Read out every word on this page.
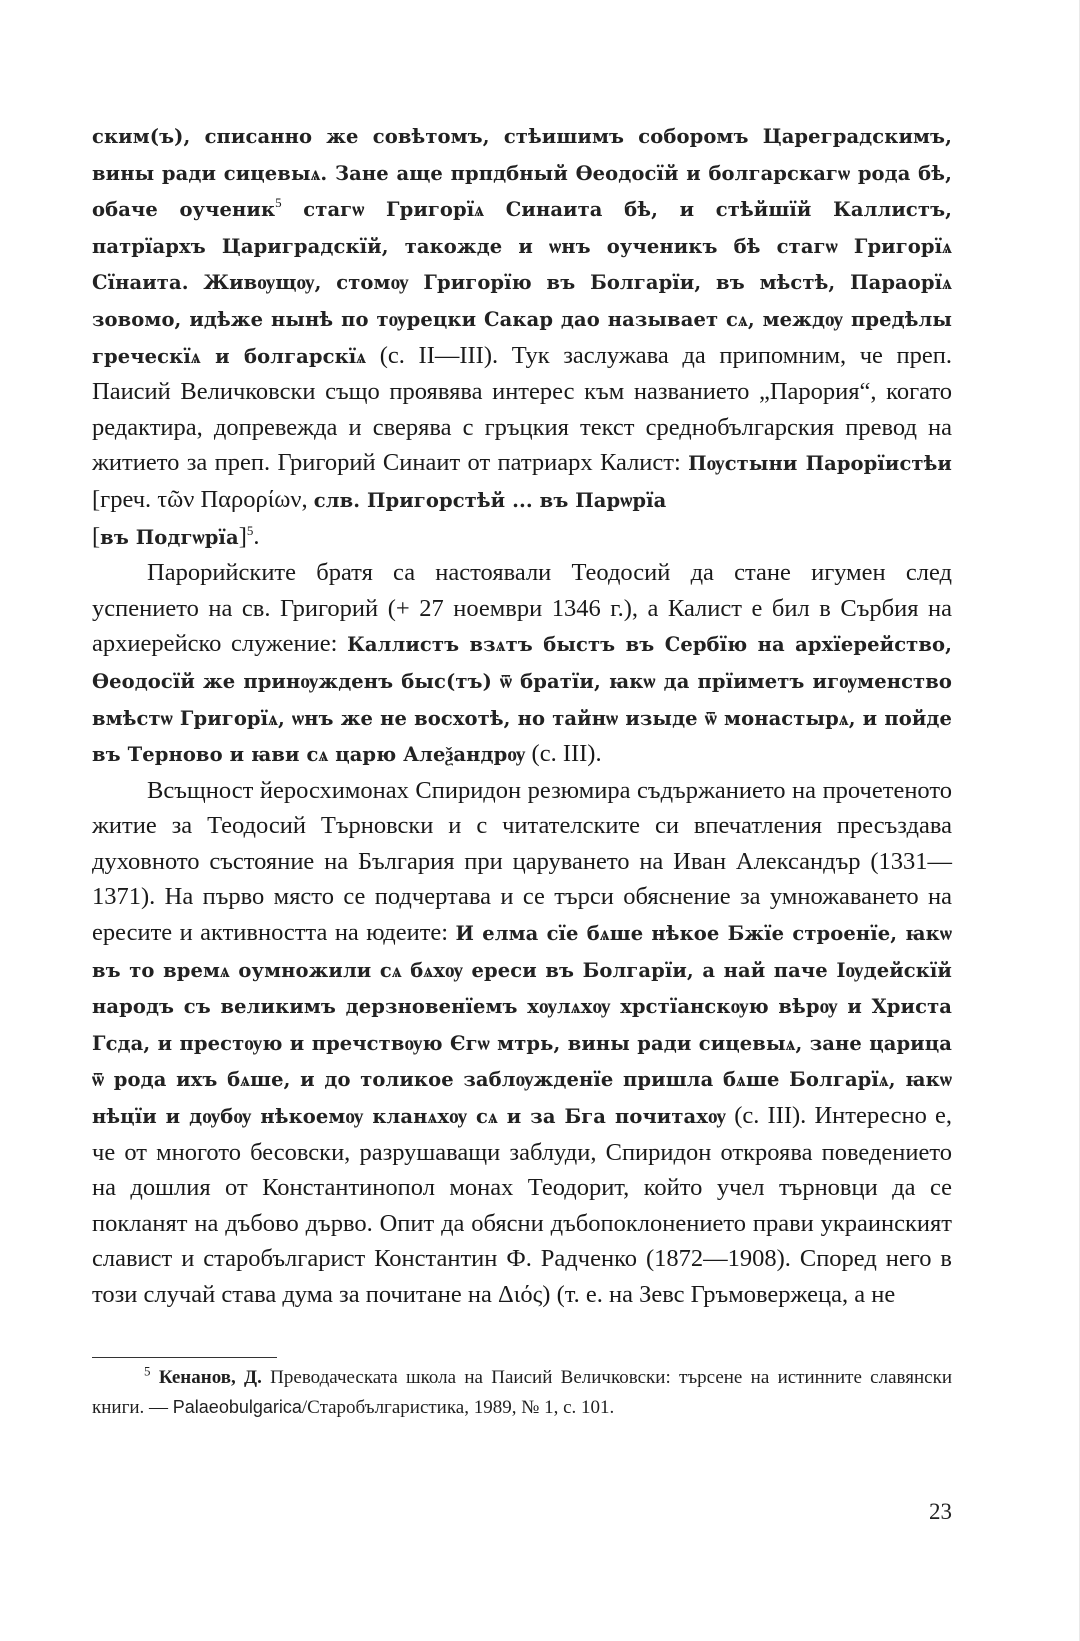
ским(ъ), списанно же совѣтомъ, стѣишимъ соборомъ Цареградскимъ, вины ради сицевыѧ. Зане аще прпдбный Ѳеодосїй и болгарскагѡ рода бѣ, обаче оученик$^5$ стагѡ Григорїѧ Синаита бѣ, и стѣйшїй Каллистъ, патрїархъ Цариградскїй, такожде и ѡнъ оученикъ бѣ стагѡ Григорїѧ Сїнаита. Живѹщѹ, стомѹ Григорїю въ Болгарїи, въ мѣстѣ, Параорїѧ зовомо, идѣже нынѣ по тѹрецки Сакар дао называет сѧ, междѹ предѣлы греческїѧ и болгарскїѧ (с. II—III). Тук заслужава да припомним, че преп. Паисий Величковски също проявява интерес към названието „Парория“, когато редактира, допревежда и сверява с гръцкия текст среднобългарския превод на житието за преп. Григорий Синаит от патриарх Калист: Пѹстыни Парорїистѣи [греч. τῶν Παρορίων, слв. Пригорстѣй ... въ Парѡрїа
[въ Подгѡрїа]$^5$.

Парорийските братя са настоявали Теодосий да стане игумен след успението на св. Григорий (+ 27 ноември 1346 г.), а Калист е бил в Сърбия на архиерейско служение: Каллистъ взѧтъ быстъ въ Сербїю на архїерейство, Ѳеодосїй же принѹжденъ быс(тъ) ѿ братїи, ꙗкѡ да прїиметъ игѹменство вмѣстѡ Григорїѧ, ѡнъ же не восхотѣ, но тайнѡ изыде ѿ монастырѧ, и пойде въ Терново и ꙗви сѧ царю Алеѯандрѹ (с. III).

Всъщност йеросхимонах Спиридон резюмира съдържанието на прочетеното житие за Теодосий Търновски и с читателските си впечатления пресъздава духовното състояние на България при царуването на Иван Александър (1331—1371). На първо място се подчертава и се търси обяснение за умножаването на ересите и активността на юдеите: И елма сїе бѧше нѣкое Бжїе строенїе, ꙗкѡ въ то времѧ оумножили сѧ бѧхѹ ереси въ Болгарїи, а най паче Іѹдейскїй народъ съ великимъ дерзновенїемъ хѹлѧхѹ хрстїанскѹю вѣрѹ и Христа Гсда, и престѹю и пречствѹю Єгѡ мтрь, вины ради сицевыѧ, зане царица ѿ рода ихъ бѧше, и до толикое заблѹжденїе пришла бѧше Болгарїѧ, ꙗкѡ нѣцїи и дѹбѹ нѣкоемѹ кланѧхѹ сѧ и за Бга почитахѹ (с. III). Интересно е, че от многото бесовски, разрушаващи заблуди, Спиридон откроява поведението на дошлия от Константинопол монах Теодорит, който учел търновци да се покланят на дъбово дърво. Опит да обясни дъбопоклонението прави украинският славист и старобългарист Константин Ф. Радченко (1872—1908). Според него в този случай става дума за почитане на Διός) (т. е. на Зевс Гръмовержеца, а не

$^5$ Кенанов, Д. Преводаческата школа на Паисий Величковски: търсене на истинните славянски книги. — Palaeobulgarica/Старобългаристика, 1989, № 1, с. 101.

23
